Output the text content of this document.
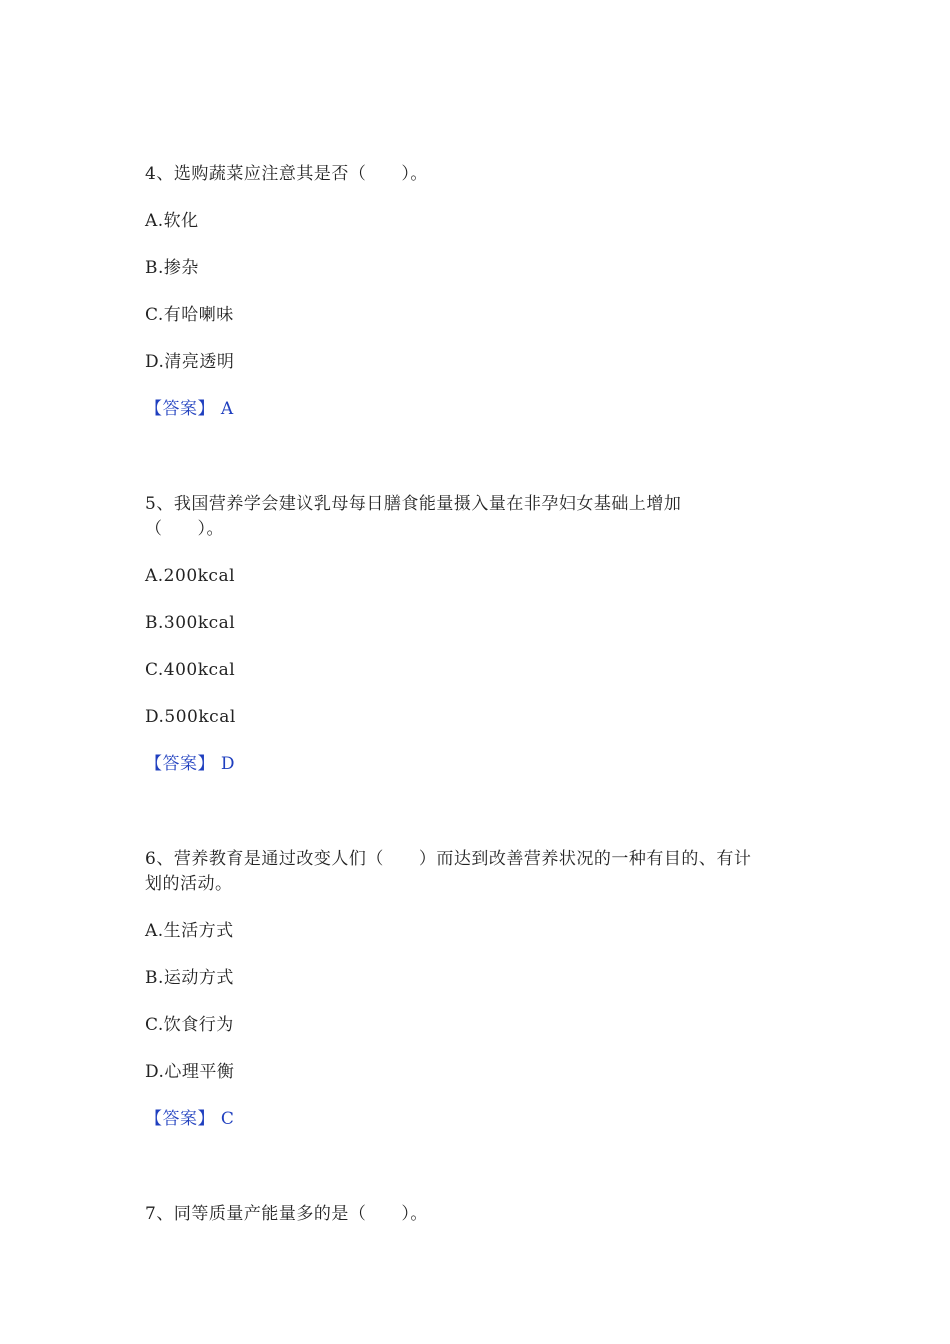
4、选购蔬菜应注意其是否（　　）。
A.软化
B.掺杂
C.有哈喇味
D.清亮透明
【答案】 A
5、我国营养学会建议乳母每日膳食能量摄入量在非孕妇女基础上增加
（　　）。
A.200kcal
B.300kcal
C.400kcal
D.500kcal
【答案】 D
6、营养教育是通过改变人们（　　）而达到改善营养状况的一种有目的、有计
划的活动。
A.生活方式
B.运动方式
C.饮食行为
D.心理平衡
【答案】 C
7、同等质量产能量多的是（　　）。
